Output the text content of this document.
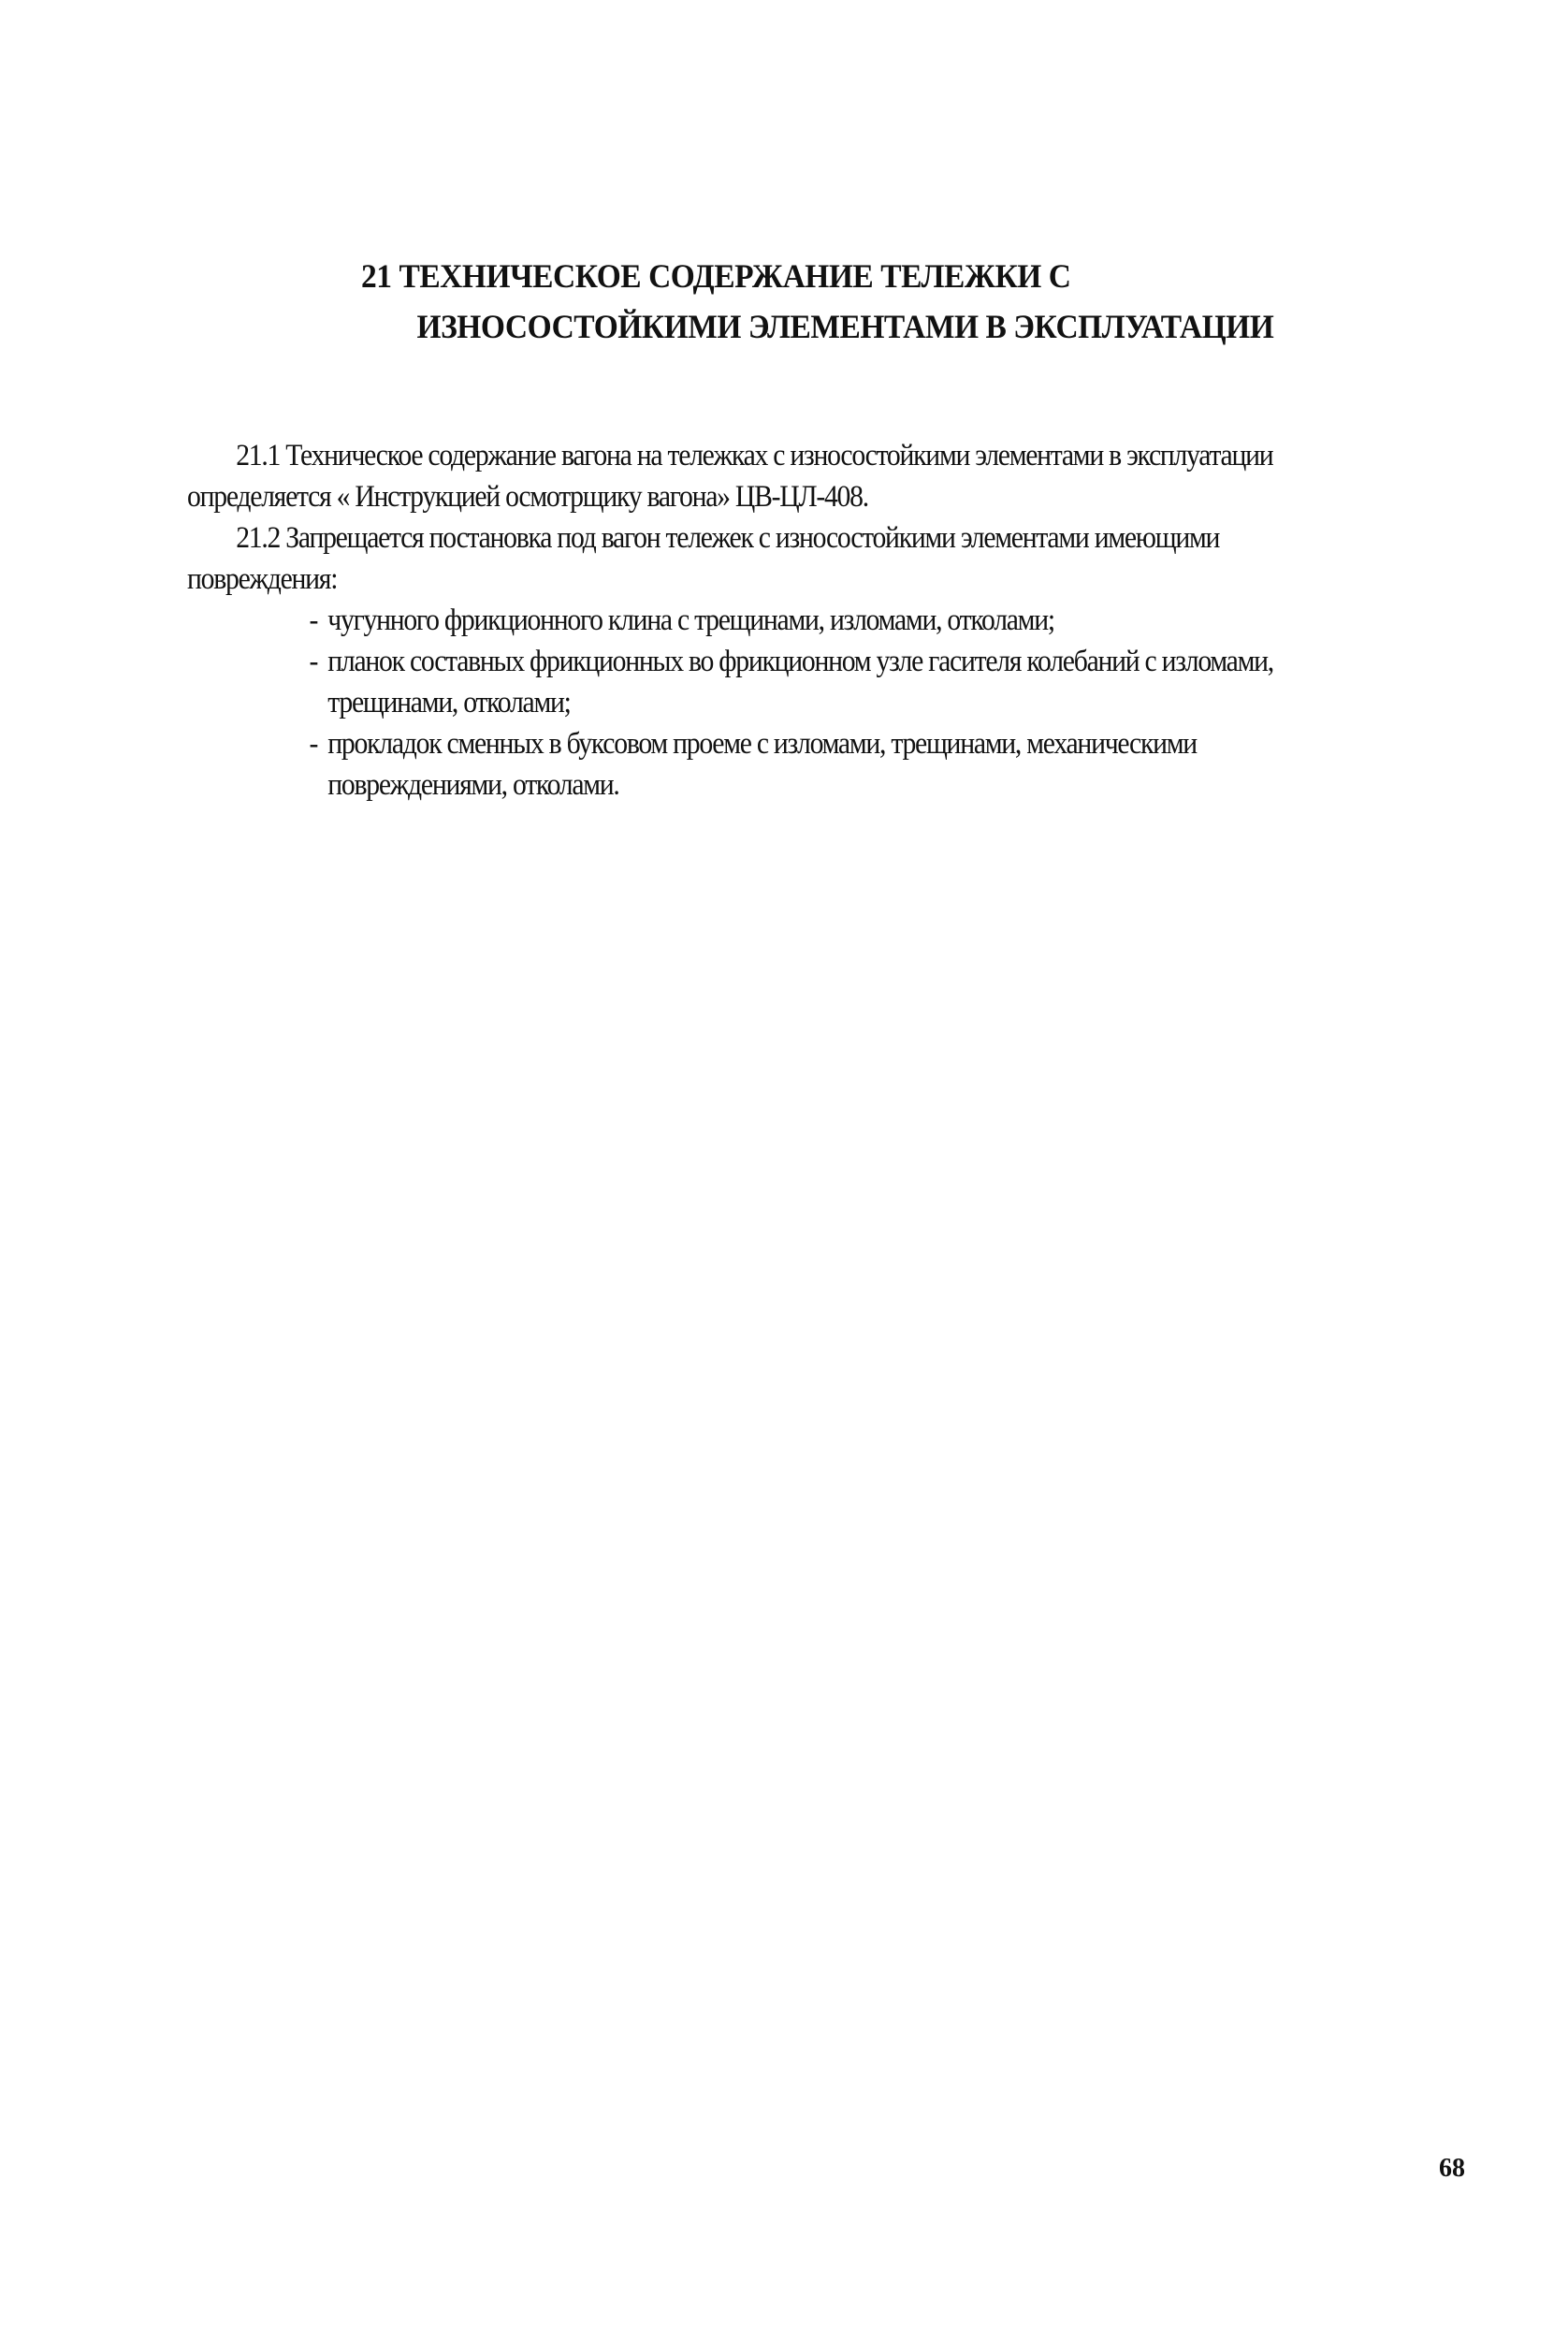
21 ТЕХНИЧЕСКОЕ СОДЕРЖАНИЕ ТЕЛЕЖКИ С
ИЗНОСОСТОЙКИМИ ЭЛЕМЕНТАМИ В ЭКСПЛУАТАЦИИ

21.1 Техническое содержание вагона на тележках с износостойкими элементами в эксплуатации определяется « Инструкцией осмотрщику вагона» ЦВ-ЦЛ-408.

21.2 Запрещается постановка под вагон тележек с износостойкими элементами имеющими повреждения:

- чугунного фрикционного клина с трещинами, изломами, отколами;
- планок составных фрикционных во фрикционном узле гасителя колебаний с изломами, трещинами, отколами;
- прокладок сменных в буксовом проеме с изломами, трещинами, механическими повреждениями, отколами.
68
